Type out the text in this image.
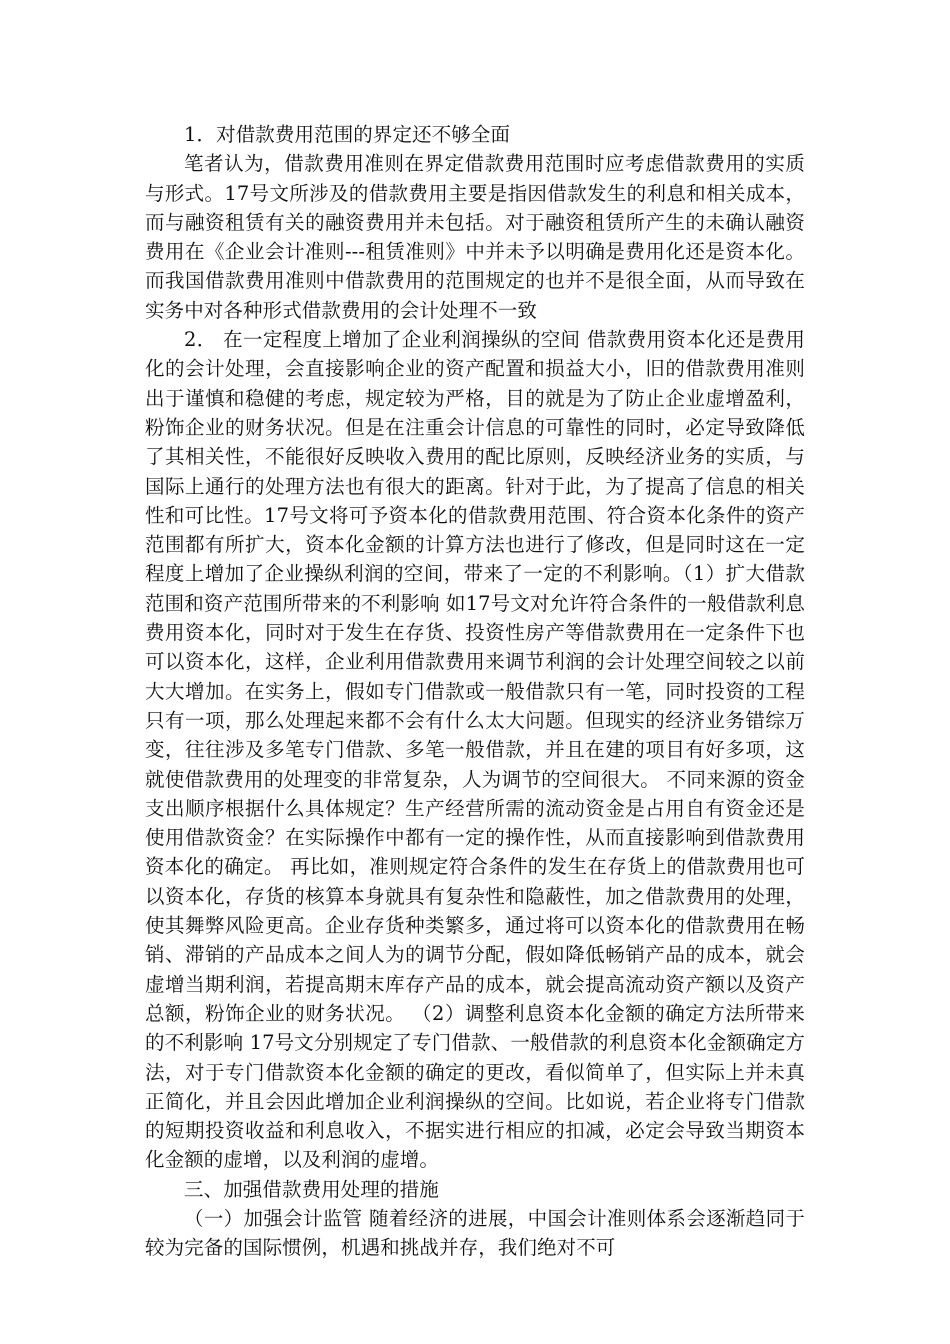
1．对借款费用范围的界定还不够全面

笔者认为，借款费用准则在界定借款费用范围时应考虑借款费用的实质与形式。17号文所涉及的借款费用主要是指因借款发生的利息和相关成本，而与融资租赁有关的融资费用并未包括。对于融资租赁所产生的未确认融资费用在《企业会计准则---租赁准则》中并未予以明确是费用化还是资本化。而我国借款费用准则中借款费用的范围规定的也并不是很全面，从而导致在实务中对各种形式借款费用的会计处理不一致

2． 在一定程度上增加了企业利润操纵的空间 借款费用资本化还是费用化的会计处理，会直接影响企业的资产配置和损益大小，旧的借款费用准则出于谨慎和稳健的考虑，规定较为严格，目的就是为了防止企业虚增盈利，粉饰企业的财务状况。但是在注重会计信息的可靠性的同时，必定导致降低了其相关性，不能很好反映收入费用的配比原则，反映经济业务的实质，与国际上通行的处理方法也有很大的距离。针对于此，为了提高了信息的相关性和可比性。17号文将可予资本化的借款费用范围、符合资本化条件的资产范围都有所扩大，资本化金额的计算方法也进行了修改，但是同时这在一定程度上增加了企业操纵利润的空间，带来了一定的不利影响。（1）扩大借款范围和资产范围所带来的不利影响 如17号文对允许符合条件的一般借款利息费用资本化，同时对于发生在存货、投资性房产等借款费用在一定条件下也可以资本化，这样，企业利用借款费用来调节利润的会计处理空间较之以前大大增加。在实务上，假如专门借款或一般借款只有一笔，同时投资的工程只有一项，那么处理起来都不会有什么太大问题。但现实的经济业务错综万变，往往涉及多笔专门借款、多笔一般借款，并且在建的项目有好多项，这就使借款费用的处理变的非常复杂，人为调节的空间很大。 不同来源的资金支出顺序根据什么具体规定？生产经营所需的流动资金是占用自有资金还是使用借款资金？在实际操作中都有一定的操作性，从而直接影响到借款费用资本化的确定。 再比如，准则规定符合条件的发生在存货上的借款费用也可以资本化，存货的核算本身就具有复杂性和隐蔽性，加之借款费用的处理，使其舞弊风险更高。企业存货种类繁多，通过将可以资本化的借款费用在畅销、滞销的产品成本之间人为的调节分配，假如降低畅销产品的成本，就会虚增当期利润，若提高期末库存产品的成本，就会提高流动资产额以及资产总额，粉饰企业的财务状况。 （2）调整利息资本化金额的确定方法所带来的不利影响 17号文分别规定了专门借款、一般借款的利息资本化金额确定方法，对于专门借款资本化金额的确定的更改，看似简单了，但实际上并未真正简化，并且会因此增加企业利润操纵的空间。比如说，若企业将专门借款的短期投资收益和利息收入，不据实进行相应的扣减，必定会导致当期资本化金额的虚增，以及利润的虚增。

三、加强借款费用处理的措施

（一）加强会计监管 随着经济的进展，中国会计准则体系会逐渐趋同于较为完备的国际惯例，机遇和挑战并存，我们绝对不可
